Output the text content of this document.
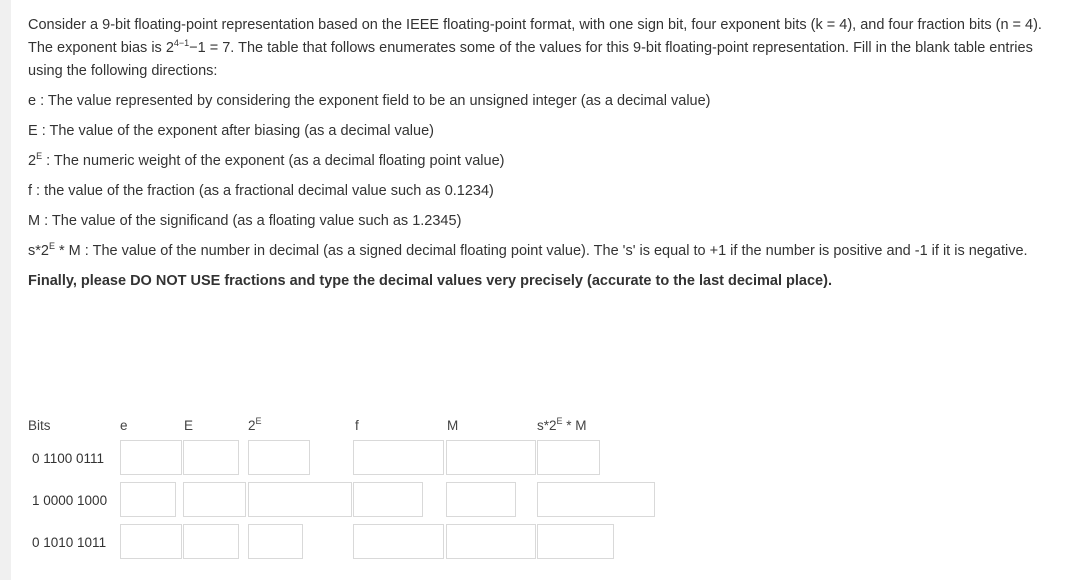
Consider a 9-bit floating-point representation based on the IEEE floating-point format, with one sign bit, four exponent bits (k = 4), and four fraction bits (n = 4). The exponent bias is $2^{4-1}-1 = 7$. The table that follows enumerates some of the values for this 9-bit floating-point representation. Fill in the blank table entries using the following directions:

e : The value represented by considering the exponent field to be an unsigned integer (as a decimal value)

E : The value of the exponent after biasing (as a decimal value)

$2^E$ : The numeric weight of the exponent (as a decimal floating point value)

f : the value of the fraction (as a fractional decimal value such as 0.1234)

M : The value of the significand (as a floating value such as 1.2345)

$s*2^E$ * M : The value of the number in decimal (as a signed decimal floating point value). The 's' is equal to +1 if the number is positive and -1 if it is negative.

Finally, please DO NOT USE fractions and type the decimal values very precisely (accurate to the last decimal place).

Bits	e	E	$2^E$	f	M	$s*2^E$ * M
0 1100 0111
1 0000 1000
0 1010 1011
